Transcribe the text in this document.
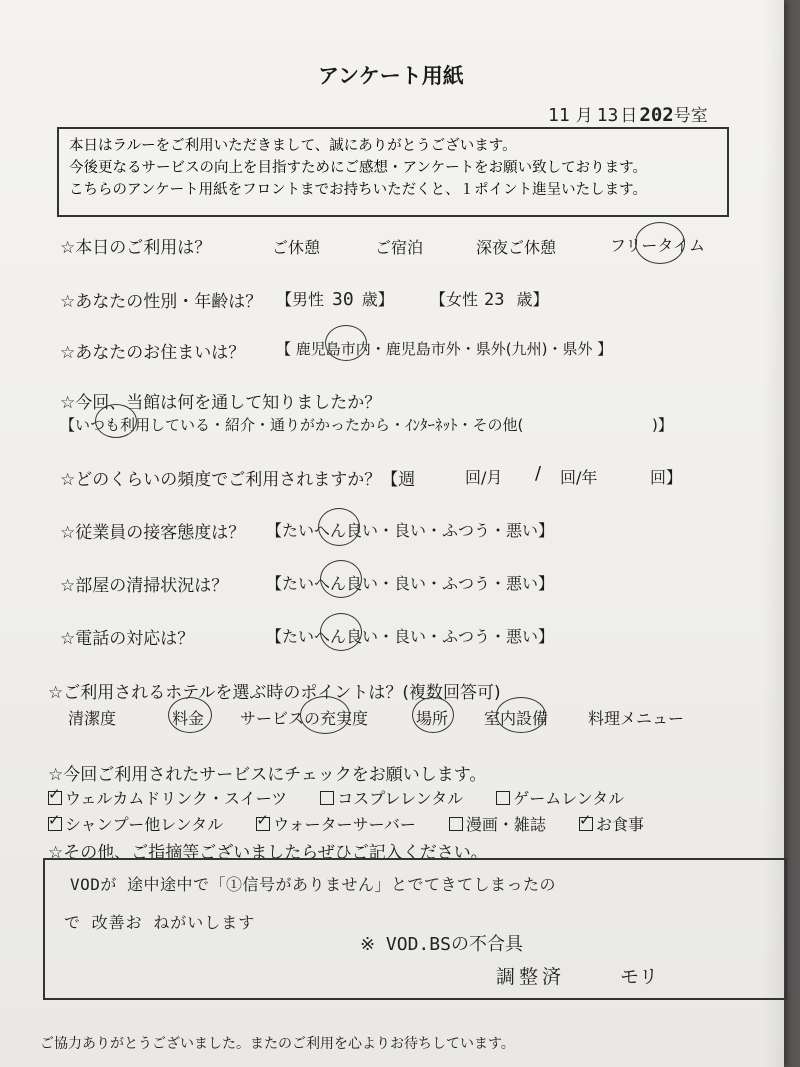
アンケート用紙
11 月 13 日 202号室
本日はラルーをご利用いただきまして、誠にありがとうございます。
今後更なるサービスの向上を目指すためにご感想・アンケートをお願い致しております。
こちらのアンケート用紙をフロントまでお持ちいただくと、１ポイント進呈いたします。
☆本日のご利用は？	ご休憩	ご宿泊	深夜ご休憩	フリータイム
☆あなたの性別・年齢は？ 【男性 30 歳】 【女性 23 歳】
☆あなたのお住まいは？ 【 鹿児島市内・鹿児島市外・県外(九州)・県外 】
☆今回、当館は何を通して知りましたか？
【いつも利用している・紹介・通りがかったから・ｲﾝﾀｰﾈｯﾄ・その他(	)】
☆どのくらいの頻度でご利用されますか？【週	回/月 / 回/年	回】
☆従業員の接客態度は？ 【たいへん良い・良い・ふつう・悪い】
☆部屋の清掃状況は？ 【たいへん良い・良い・ふつう・悪い】
☆電話の対応は？	【たいへん良い・良い・ふつう・悪い】
☆ご利用されるホテルを選ぶ時のポイントは？(複数回答可)
清潔度	料金 サービスの充実度	場所 室内設備 料理メニュー
☆今回ご利用されたサービスにチェックをお願いします。
✓ ウェルカムドリンク・スイーツ	コスプレレンタル	ゲームレンタル
✓ シャンプー他レンタル ✓ ウォーターサーバー	漫画・雑誌 ✓ お食事
☆その他、ご指摘等ございましたらぜひご記入ください。
VODが 途中途中で「①信号がありません」とでてきてしまったの
で 改善お ねがいします
※ VOD.BSの不合具
調整済	モリ
ご協力ありがとうございました。またのご利用を心よりお待ちしています。
